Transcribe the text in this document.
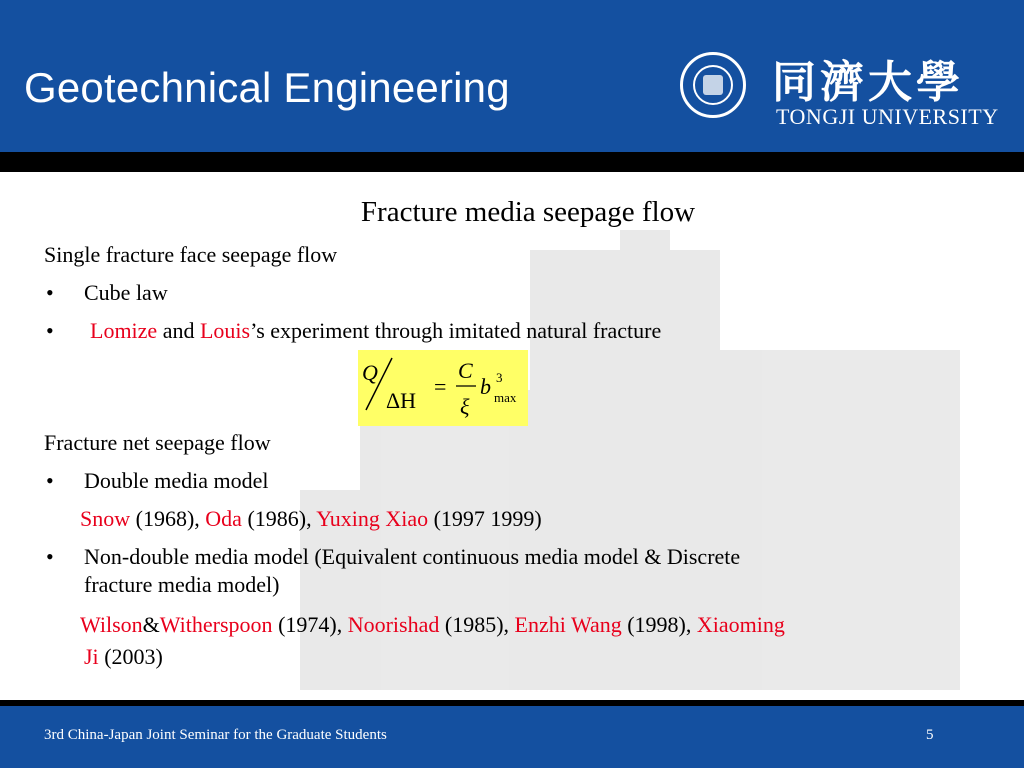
Geotechnical Engineering	同濟大學
TONGJI UNIVERSITY
Fracture media seepage flow
Single fracture face seepage flow
• Cube law
• Lomize and Louis’s experiment through imitated natural fracture
Q
ΔH
=
C
ξ
b 3
max
Fracture net seepage flow
• Double media model
Snow (1968), Oda (1986), Yuxing Xiao (1997 1999)
• Non-double media model (Equivalent continuous media model & Discrete
fracture media model)
Wilson&Witherspoon (1974), Noorishad (1985), Enzhi Wang (1998), Xiaoming
Ji (2003)
3rd China-Japan Joint Seminar for the Graduate Students	5
